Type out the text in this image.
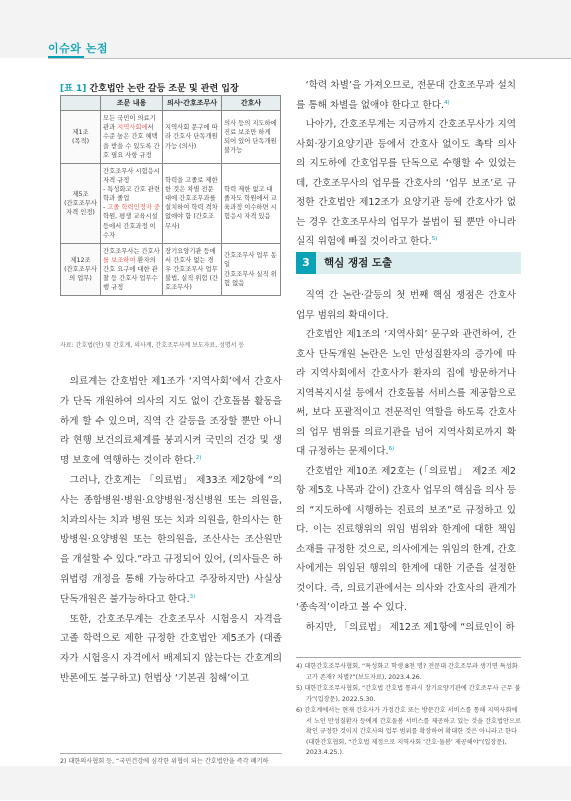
이슈와 논점
[표 1] 간호법안 논란 갈등 조문 및 관련 입장
	조문 내용	의사·간호조무사	간호사
제1조
(목적)	모든 국민이 의료기관과 지역사회에서 수준 높은 간호 혜택을 받을 수 있도록 간호 필요 사항 규정	지역사회 문구에 따라 간호사 단독개원 가능 (의사)	의사 등의 지도하에 진료 보조만 하게 되어 있어 단독개원 불가능
제5조
(간호조무사
자격 인정)	간호조무사 시험응시자격 규정
- 특성화고 간호 관련 학과 졸업
- 고졸 학력인정자 중학원, 평생 교육시설 등에서 간호과정 이수자	학력을 고졸로 제한한 것은 차별 전문대에 간호조무과를 설치하여 학력 격차 없애야 함 (간호조무사)	학력 제한 없고 대졸자도 학원에서 교육과정 이수하면 시험응시 자격 있음
제12조
(간호조무사
의 업무)	간호조무사는 간호사를 보조하여 환자의 간호 요구에 대한 관찰 등 간호사 업무수행 규정	장기요양기관 등에서 간호사 없는 경우 간호조무사 업무 불법, 실직 위험 (간호조무사)	간호조무사 업무 동일
간호조무사 실직 위험 없음
자료: 간호법(안) 및 간호계, 의사계, 간호조무사계 보도자료, 성명서 등

의료계는 간호법안 제1조가 ‘지역사회’에서 간호사가 단독 개원하여 의사의 지도 없이 간호돌봄 활동을 하게 할 수 있으며, 직역 간 갈등을 조장할 뿐만 아니라 현행 보건의료체계를 붕괴시켜 국민의 건강 및 생명 보호에 역행하는 것이라 한다.$^{2)}$

그러나, 간호계는 「의료법」 제33조 제2항에 “의사는 종합병원·병원·요양병원·정신병원 또는 의원을, 치과의사는 치과 병원 또는 치과 의원을, 한의사는 한방병원·요양병원 또는 한의원을, 조산사는 조산원만을 개설할 수 있다.”라고 규정되어 있어, (의사들은 하위법령 개정을 통해 가능하다고 주장하지만) 사실상 단독개원은 불가능하다고 한다.$^{3)}$

또한, 간호조무계는 간호조무사 시험응시 자격을 고졸 학력으로 제한 규정한 간호법안 제5조가 (대졸자가 시험응시 자격에서 배제되지 않는다는 간호계의 반론에도 불구하고) 헌법상 ‘기본권 침해’이고

2) 대한의사협회 등, “국민건강에 심각한 위협이 되는 간호법안을 즉각 폐기하

‘학력 차별’을 가져오므로, 전문대 간호조무과 설치를 통해 차별을 없애야 한다고 한다.$^{4)}$

나아가, 간호조무계는 지금까지 간호조무사가 지역사회·장기요양기관 등에서 간호사 없이도 촉탁 의사의 지도하에 간호업무를 단독으로 수행할 수 있었는데, 간호조무사의 업무를 간호사의 ‘업무 보조’로 규정한 간호법안 제12조가 요양기관 등에 간호사가 없는 경우 간호조무사의 업무가 불법이 될 뿐만 아니라 실직 위험에 빠질 것이라고 한다.$^{5)}$

3	핵심 쟁점 도출

직역 간 논란·갈등의 첫 번째 핵심 쟁점은 간호사 업무 범위의 확대이다.

간호법안 제1조의 ‘지역사회’ 문구와 관련하여, 간호사 단독개원 논란은 노인 만성질환자의 증가에 따라 지역사회에서 간호사가 환자의 집에 방문하거나 지역복지시설 등에서 간호돌봄 서비스를 제공함으로써, 보다 포괄적이고 전문적인 역할을 하도록 간호사의 업무 범위를 의료기관을 넘어 지역사회로까지 확대 규정하는 문제이다.$^{6)}$

간호법안 제10조 제2호는 (「의료법」 제2조 제2항 제5호 나목과 같이) 간호사 업무의 핵심을 의사 등의 “지도하에 시행하는 진료의 보조”로 규정하고 있다. 이는 진료행위의 위임 범위와 한계에 대한 책임 소재를 규정한 것으로, 의사에게는 위임의 한계, 간호사에게는 위임된 행위의 한계에 대한 기준을 설정한 것이다. 즉, 의료기관에서는 의사와 간호사의 관계가 ‘종속적’이라고 볼 수 있다.

하지만, 「의료법」 제12조 제1항에 “의료인이 하

4) 대한간호조무사협회, “특성화고 학생 8천 명? 전문대 간호조무과 생기면 특성화고가 존재? 차별?”(보도자료), 2023.4.26.
5) 대한간호조무사협회, “간호법 간호법 통과시 장기요양기관에 간호조무사 근무 불가”(입장문), 2022.5.30.
6) 간호계에서는 현재 간호사가 가정간호 또는 방문간호 서비스를 통해 지역사회에서 노인 만성질환자 등에게 간호돌봄 서비스를 제공하고 있는 것을 간호법안으로 확인 규정한 것이지 간호사의 업무 범위를 확장하여 확대한 것은 아니라고 한다(대한간호협회, “간호법 제정으로 지역사회 ‘간호·돌봄’ 제공해야”(입장문), 2023.4.25.).
